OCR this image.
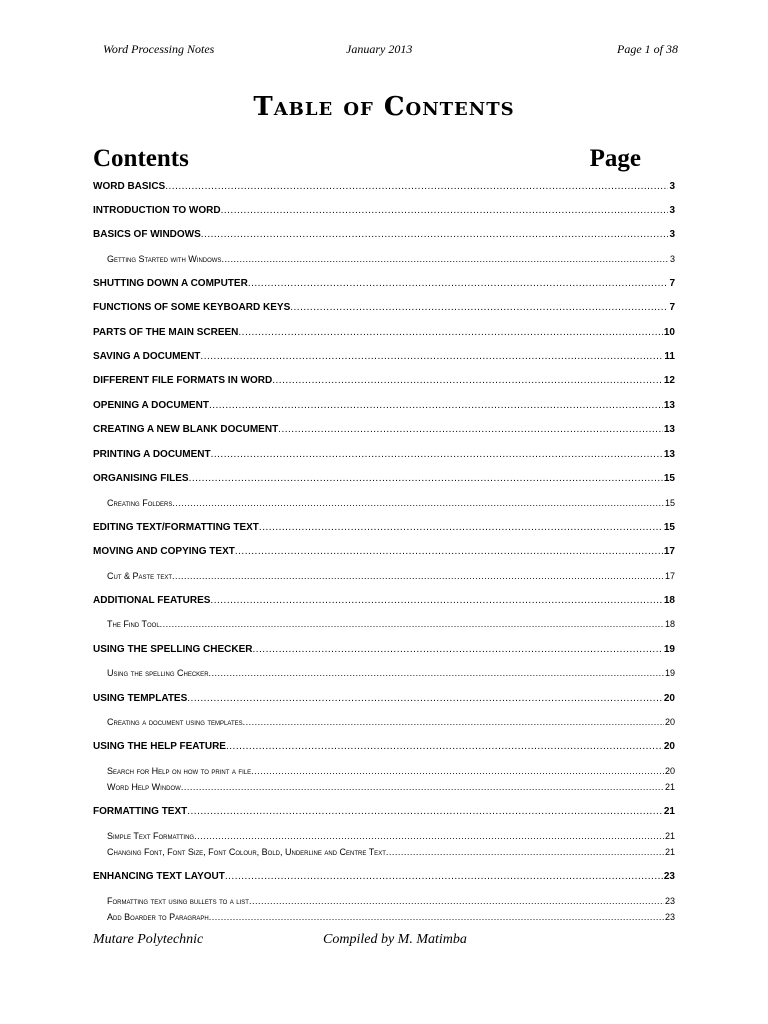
Word Processing Notes	January 2013	Page 1 of 38
Table of Contents
Contents	Page
WORD BASICS .....	3
INTRODUCTION TO WORD .....	3
BASICS OF WINDOWS .....	3
Getting Started with Windows .....	3
SHUTTING DOWN A COMPUTER .....	7
FUNCTIONS OF SOME KEYBOARD KEYS .....	7
PARTS OF THE MAIN SCREEN .....	10
SAVING A DOCUMENT .....	11
DIFFERENT FILE FORMATS IN WORD .....	12
OPENING A DOCUMENT .....	13
CREATING A NEW BLANK DOCUMENT .....	13
PRINTING A DOCUMENT .....	13
ORGANISING FILES .....	15
Creating Folders .....	15
EDITING TEXT/FORMATTING TEXT .....	15
MOVING AND COPYING TEXT .....	17
Cut & Paste text .....	17
ADDITIONAL FEATURES .....	18
The Find Tool .....	18
USING THE SPELLING CHECKER .....	19
Using the spelling Checker .....	19
USING TEMPLATES .....	20
Creating a document using templates .....	20
USING THE HELP FEATURE .....	20
Search for Help on how to print a file .....	20
Word Help Window .....	21
FORMATTING TEXT .....	21
Simple Text Formatting .....	21
Changing Font, Font Size, Font Colour, Bold, Underline and Centre Text .....	21
ENHANCING TEXT LAYOUT .....	23
Formatting text using bullets to a list .....	23
Add Boarder to Paragraph .....	23
Mutare Polytechnic	Compiled by M. Matimba
